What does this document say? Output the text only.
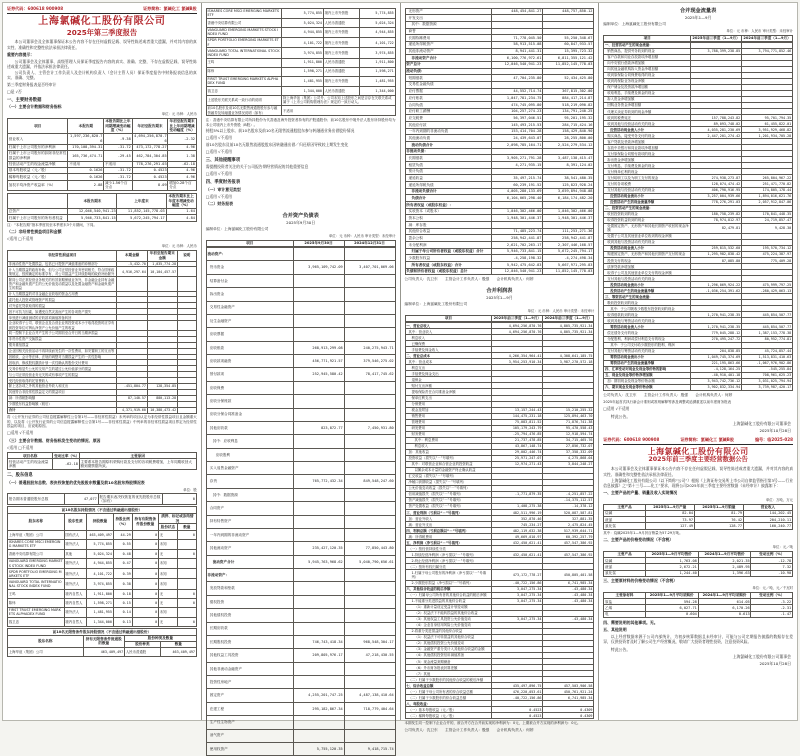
证券代码：600618 900908	证券简称：氯碱化工 氯碱B股
上海氯碱化工股份有限公司
2025年第三季度报告
本公司董事会及全体董事保证本公告内容不存在任何虚假记载、误导性陈述或者重大遗漏，并对其内容的真实性、准确性和完整性依法承担法律责任。
重要内容提示：
公司董事会及全体董事、高级管理人员保证季度报告内容的真实、准确、完整，不存在虚假记载、误导性陈述或重大遗漏，并依法承担法律责任。
公司负责人、主管会计工作负责人及会计机构负责人（会计主管人员）保证季度报告中财务报表信息的真实、准确、完整。
第三季度财务报表是否经审计
□是 √否
一、主要财务数据
（一）主要会计数据和财务指标
单位：元 币种：人民币
项目	本报告期	本报告期比上年同期增减变动幅度（%）	年初至报告期末	年初至报告期末比上年同期增减变动幅度（%）
营业收入	1,597,236,820.76	-9.38	4,694,256,870.76	-2.32
归属于上市公司股东的净利润	170,108,394.31	-31.72	473,172,778.27	4.96
归属于上市公司股东的扣除非经常性损益的净利润	165,736,474.71	-29.45	462,784,304.85	1.38
经营活动产生的现金流量净额	不适用	不适用	778,276,291.03	-62.18
基本每股收益（元／股）	0.1626	-31.72	0.4523	4.96
稀释每股收益（元／股）	0.1626	-31.72	0.4523	4.96
加权平均净资产收益率（%）	2.88	减少1.56个百分点	8.09	增加0.28个百分点
	本报告期末	上年度末	本报告期末比上年度末增减变动幅度（%）
总资产	12,046,540,941.23	11,852,145,778.03	1.64
归属于上市公司股东的所有者权益	5,946,733,841.15	5,672,245,794.17	4.84
注：“本报告期”指本季度初至本季度末3个月期间，下同。
（二）非经常性损益项目和金额
√适用 □不适用
单位：元 币种：人民币
非经常性损益项目	本期金额	年初至报告期末金额	说明
非流动性资产处置损益，包括已计提资产减值准备的冲销部分	-5,432.70	1,035,774.28	
计入当期损益的政府补助，但与公司正常经营业务密切相关、符合国家政策规定、按照确定的标准享有、对公司损益产生持续影响的政府补助除外	4,916,297.64	10,104,457.57	
除同公司正常经营业务相关的有效套期保值业务外，非金融企业持有金融资产和金融负债产生的公允价值变动损益以及处置金融资产和金融负债产生的损益			
计入当期损益的对非金融企业收取的资金占用费			
委托他人投资或管理资产的损益			
对外委托贷款取得的损益			
因不可抗力因素，如遭受自然灾害而产生的各项资产损失			
单独进行减值测试的应收款项减值准备转回			
企业取得子公司、联营企业及合营企业的投资成本小于取得投资时应享有被投资单位可辨认净资产公允价值产生的收益			
同一控制下企业合并产生的子公司期初至合并日的当期净损益			
非货币性资产交换损益			
债务重组损益			
企业因相关经营活动不再持续而发生的一次性费用，如安置职工的支出等			
因税收、会计等法律、法规的调整对当期损益产生的一次性影响			
因取消、修改股权激励计划一次性确认的股份支付费用			
交易价格显失公允的交易产生的超过公允价值部分的损益			
与公司正常经营业务无关的或有事项产生的损益			
受托经营取得的托管费收入			
除上述各项之外的其他营业外收入和支出	-451,804.77	128,354.85	
其他符合非经常性损益定义的损益项目			
减：所得税影响额	87,140.57	880,113.28	
少数股东权益影响额（税后）			
合计	4,371,919.60	10,388,473.42	
将《公开发行证券的公司信息披露解释性公告第1号——非经常性损益》未列举的项目认定为非经常性损益项目且金额重大的，以及将《公开发行证券的公司信息披露解释性公告第1号——非经常性损益》中列举的非经常性损益项目界定为经常性损益的项目，应说明原因。
□适用 √不适用
（三）主要会计数据、财务指标发生变动的情况、原因
√适用 □不适用
项目名称	变动比率（%）	主要原因
经营活动产生的现金流量净额	-62.18	主要系本报告期原料采购付款及支付的各项税费增加，上年同期收回大额到期票据所致。
二、股东信息
（一）普通股股东总数、表决权恢复的优先股股东数量及前10名股东持股情况表
单位：股
报告期末普通股股东总数	47,077	报告期末表决权恢复的优先股股东总数（如有）	0
前10名股东持股情况（不含通过转融通出借股份）						
股东名称	股东性质	持股数量	持股比例（%）	持有有限售条件股份数量	质押、标记或冻结情况	
					股份状态	数量
上海华谊（集团）公司	国有法人	463,409,497	44.29	0	无	0
ISHARES CORE MSCI EMERGING MARKETS ETF	境外法人	5,774,855	0.55	0	未知	
香港中央结算有限公司	其他	5,024,324	0.48	0	无	0
VANGUARD EMERGING MARKETS STOCK INDEX FUND	境外法人	4,944,855	0.47	0	未知	
SPDR PORTFOLIO EMERGING MARKETS ETF	境外法人	4,101,722	0.39	0	未知	
VANGUARD TOTAL INTERNATIONAL STOCK INDEX FUND	境外法人	3,974,855	0.38	0	未知	
王鸣	境内自然人	1,911,800	0.18	0	无	0
陈炜	境内自然人	1,598,271	0.15	0	无	0
FIRST TRUST EMERGING MARKETS ALPHADEX FUND	境外法人	1,481,955	0.14	0	未知	
钱卫忠	境内自然人	1,344,000	0.13	0	无	0
前10名无限售条件股东持股情况（不含通过转融通出借股份）			
股东名称	持有无限售条件流通股的数量	股份种类及数量	
		股份种类	数量
上海华谊（集团）公司	463,409,497	人民币普通股	463,409,497
ISHARES CORE MSCI EMERGING MARKETS ETF	5,774,855	境内上市外资股	5,774,855
香港中央结算有限公司	5,024,324	人民币普通股	5,024,324
VANGUARD EMERGING MARKETS STOCK INDEX FUND	4,944,855	境内上市外资股	4,944,855
SPDR PORTFOLIO EMERGING MARKETS ETF	4,101,722	境内上市外资股	4,101,722
VANGUARD TOTAL INTERNATIONAL STOCK INDEX FUND	3,974,855	境内上市外资股	3,974,855
王鸣	1,911,800	人民币普通股	1,911,800
陈炜	1,598,271	人民币普通股	1,598,271
FIRST TRUST EMERGING MARKETS ALPHADEX FUND	1,481,955	境内上市外资股	1,481,955
钱卫忠	1,344,000	人民币普通股	1,344,000
上述股东关联关系或一致行动的说明	除上海华谊（集团）公司外，公司未知上述股东之间是否存在关联关系或属于《上市公司收购管理办法》规定的一致行动人。		
前10名股东及前10名无限售流通股股东参与融资融券及转融通业务情况说明（如有）	不适用		
注：香港中央结算有限公司所持股份为代香港及海外投资者持有的沪股通股份；前10名股东中境外法人股东所持股份均为本公司境内上市外资股（B股）。
持股5%以上股东、前10名股东及前10名无限售流通股股东参与转融通业务出借股份情况
□适用 √不适用
前10名股东及前10名无限售流通股股东因转融通出借／归还原因导致较上期发生变化
□适用 √不适用
三、其他提醒事项
需提醒投资者关注的关于公司报告期经营情况的其他重要信息
□适用 √不适用
四、季度财务报表
（一）审计意见类型
□适用 √不适用
（二）财务报表
合并资产负债表
2025年9月30日
编制单位：上海氯碱化工股份有限公司
单位：元 币种：人民币 审计类型：未经审计
项目	2025年9月30日	2024年12月31日
流动资产：		
货币资金	3,965,109,742.09	3,407,701,069.06
结算备付金		
拆出资金		
交易性金融资产		
衍生金融资产		
应收票据		
应收账款	268,913,299.08	240,275,943.71
应收款项融资	456,771,921.57	379,546,275.02
预付款项	252,945,580.42	78,417,745.62
应收保费		
应收分保账款		
应收分保合同准备金		
其他应收款	823,872.77	7,450,931.80
其中：应收利息		
应收股利		
买入返售金融资产		
存货	765,772,432.34	849,548,247.60
其中：数据资源		
合同资产		
持有待售资产		
一年内到期的非流动资产		
其他流动资产	235,427,120.35	77,850,443.80
流动资产合计	5,945,763,968.62	5,040,790,656.61
非流动资产：		
发放贷款和垫款		
债权投资		
其他债权投资		
长期应收款		
长期股权投资	746,743,418.34	968,548,304.17
其他权益工具投资	209,805,976.17	47,218,430.55
其他非流动金融资产		
投资性房地产		
固定资产	4,255,201,747.25	4,487,138,410.64
在建工程	295,182,867.34	718,779,404.64
生产性生物资产		
油气资产		
使用权资产	5,755,120.35	9,418,715.74
无形资产	448,454,841.27	448,757,850.12
开发支出		
其中：数据资源		
商誉		
长期待摊费用	71,778,045.50	55,250,348.67
递延所得税资产	58,913,515.08	60,847,933.57
其他非流动资产	8,941,441.31	15,395,723.32
非流动资产合计	6,100,776,972.61	6,811,355,121.42
资产总计	12,046,540,941.23	11,852,145,778.03
流动负债：		
短期借款	47,704,235.80	52,434,425.80
交易性金融负债		
应付票据	44,552,714.74	367,815,302.00
应付账款	1,047,781,234.75	884,417,214.87
合同负债	474,745,095.80	518,219,090.82
应付职工薪酬	104,257,274.23	134,791,240.25
应交税费	56,397,046.51	95,201,195.32
其他应付款	145,493,215.53	284,715,424.16
一年内到期的非流动负债	153,414,704.28	158,429,840.90
其他流动负债	24,439,643.07	28,255,800.00
流动负债合计	2,098,785,164.71	2,524,279,534.12
非流动负债：		
长期借款	3,905,271,791.28	3,487,138,415.47
租赁负债	4,271,935.15	8,391,124.02
预计负债		
递延收益	35,497,215.74	38,541,480.35
递延所得税负债	60,239,191.52	125,823,928.24
非流动负债合计	4,005,280,133.69	3,659,894,948.08
负债合计	6,104,065,298.40	6,184,174,482.20
所有者权益（或股东权益）：		
实收资本（或股本）	1,046,302,466.00	1,046,302,466.00
资本公积	1,948,301,446.37	1,948,301,446.37
减：库存股		
其他综合收益	71,485,223.74	111,253,271.36
盈余公积	258,942,441.87	258,942,441.87
未分配利润	2,621,702,263.17	2,307,446,168.57
归属于母公司所有者权益（或股东权益）合计	5,946,733,841.15	5,672,245,794.17
少数股东权益	-4,258,198.32	-4,274,498.34
所有者权益（或股东权益）合计	5,942,475,642.83	5,667,971,295.83
负债和所有者权益（或股东权益）总计	12,046,540,941.23	11,852,145,778.03
公司负责人：沈卫东　　主管会计工作负责人：殷强　　会计机构负责人：何婷
合并利润表
2025年1—9月
编制单位：上海氯碱化工股份有限公司
单位：元 币种：人民币 审计类型：未经审计
项目	2025年前三季度（1—9月）	2024年前三季度（1—9月）
一、营业总收入	4,694,256,870.76	4,805,735,921.34
其中：营业收入	4,694,256,870.76	4,805,735,921.34
利息收入		
已赚保费		
手续费及佣金收入		
二、营业总成本	4,266,354,964.41	4,308,641,185.75
其中：营业成本	3,954,253,910.34	3,987,270,572.18
利息支出		
手续费及佣金支出		
退保金		
赔付支出净额		
提取保险责任合同准备金净额		
保单红利支出		
分保费用		
税金及附加	13,157,244.43	15,210,255.32
销售费用	144,475,231.18	125,894,463.70
管理费用	75,083,811.52	71,876,741.38
研发费用	105,179,243.79	95,470,558.43
财务费用	-25,794,476.85	12,918,594.74
其中：利息费用	21,737,478.85	34,715,465.76
利息收入	43,867,148.74	27,856,732.07
加：其他收益	29,002,446.74	37,358,332.09
投资收益（损失以“－”号填列）	25,971,247.07	4,275,868.04
其中：对联营企业和合营企业的投资收益	12,974,271.43	3,844,248.27
以摊余成本计量的金融资产终止确认收益		
汇兑收益（损失以“－”号填列）		
净敞口套期收益（损失以“－”号填列）		
公允价值变动收益（损失以“－”号填列）		
信用减值损失（损失以“－”号填列）	-1,771,879.35	-4,251,857.22
资产减值损失（损失以“－”号填列）		-14,375,112.57
资产处置收益（损失以“－”号填列）	1,408,275.38	-14,378.12
三、营业利润（亏损以“－”号填列）	482,511,996.19	520,087,587.81
加：营业外收入	352,870.46	327,881.35
减：营业外支出	745,234.27	2,475,824.45
四、利润总额（亏损总额以“－”号填列）	482,119,632.38	517,939,644.71
减：所得税费用	49,669,010.97	60,392,257.79
五、净利润（净亏损以“－”号填列）	432,450,621.41	457,547,386.92
（一）按经营持续性分类		
1.持续经营净利润（净亏损以“－”号填列）	432,450,621.41	457,547,386.92
2.终止经营净利润（净亏损以“－”号填列）		
（二）按所有权归属分类		
1.归属于母公司股东的净利润（净亏损以“－”号填列）	473,172,778.27	450,805,401.58
2.少数股东损益（净亏损以“－”号填列）	-40,722,156.86	6,741,985.34
六、其他综合收益的税后净额	3,047,275.34	-43,480.34
（一）归属母公司所有者的其他综合收益的税后净额	3,047,275.34	-43,480.34
1.不能重分类进损益的其他综合收益	3,047,275.34	-43,480.34
（1）重新计量设定受益计划变动额		
（2）权益法下不能转损益的其他综合收益		
（3）其他权益工具投资公允价值变动	3,047,275.34	-43,480.34
（4）企业自身信用风险公允价值变动		
2.将重分类进损益的其他综合收益		
（1）权益法下可转损益的其他综合收益		
（2）其他债权投资公允价值变动		
（3）金融资产重分类计入其他综合收益的金额		
（4）其他债权投资信用减值准备		
（5）现金流量套期储备		
（6）外币财务报表折算差额		
（7）其他		
（二）归属于少数股东的其他综合收益的税后净额		
七、综合收益总额	435,497,896.75	457,503,906.58
（一）归属于母公司所有者的综合收益总额	476,220,053.61	450,761,921.24
（二）归属于少数股东的综合收益总额	-40,722,156.86	6,741,985.34
八、每股收益：		
（一）基本每股收益（元／股）	0.4523	0.4309
（二）稀释每股收益（元／股）	0.4523	0.4309
本期发生同一控制下企业合并的，被合并方在合并前实现的净利润为：0元，上期被合并方实现的净利润为：0元。
公司负责人：沈卫东　　主管会计工作负责人：殷强　　会计机构负责人：何婷
合并现金流量表
2025年1—9月
编制单位：上海氯碱化工股份有限公司
单位：元 币种：人民币 审计类型：未经审计
项目	2025年前三季度（1—9月）	2024年前三季度（1—9月）
一、经营活动产生的现金流量：		
销售商品、提供劳务收到的现金	3,788,399,238.85	3,794,771,852.46
客户存款和同业存放款项净增加额		
向中央银行借款净增加额		
向其他金融机构拆入资金净增加额		
收到原保险合同保费取得的现金		
收到再保险业务现金净额		
保户储金及投资款净增加额		
收取利息、手续费及佣金的现金		
拆入资金净增加额		
回购业务资金净增加额		
代理买卖证券收到的现金净额		
收到的税费返还	157,788,243.82	95,701,794.35
收到其他与经营活动有关的现金	89,093,748.02	61,455,822.01
经营活动现金流入小计	4,035,281,230.69	3,951,929,468.82
购买商品、接受劳务支付的现金	2,447,201,274.42	1,201,934,705.28
客户贷款及垫款净增加额		
存放中央银行和同业款项净增加额		
支付原保险合同赔付款项的现金		
拆出资金净增加额		
支付利息、手续费及佣金的现金		
支付保单红利的现金		
支付给职工以及为职工支付的现金	274,938,273.87	265,804,967.22
支付的各项税费	128,074,474.42	251,471,770.82
支付其他与经营活动有关的现金	406,790,916.95	174,805,178.44
经营活动现金流出小计	3,257,004,939.66	1,894,016,621.76
经营活动产生的现金流量净额	778,276,291.03	2,057,912,847.06
二、投资活动产生的现金流量：		
收回投资收到的现金	180,758,239.82	170,841,448.35
取得投资收益收到的现金	78,974,812.97	24,719,857.47
处置固定资产、无形资产和其他长期资产收回的现金净额	82,479.81	9,428.30
处置子公司及其他营业单位收到的现金净额		
收到其他与投资活动有关的现金		
投资活动现金流入小计	259,815,532.60	195,570,734.12
购建固定资产、无形资产和其他长期资产支付的现金	1,295,982,838.42	475,224,387.97
投资支付的现金	87,085.80	775,409.28
质押贷款净增加额		
取得子公司及其他营业单位支付的现金净额		
支付其他与投资活动有关的现金		
投资活动现金流出小计	1,296,069,924.22	475,999,797.25
投资活动产生的现金流量净额	-1,036,254,391.62	-280,429,063.13
三、筹资活动产生的现金流量：		
吸收投资收到的现金		
其中：子公司吸收少数股东投资收到的现金		
取得借款收到的现金	1,270,941,238.35	445,854,507.77
收到其他与筹资活动有关的现金		
筹资活动现金流入小计	1,270,941,238.35	445,854,507.77
偿还债务支付的现金	779,045,288.12	1,387,153,778.38
分配股利、利润或偿付利息支付的现金	270,495,247.72	80,952,774.81
其中：子公司支付给少数股东的股利、利润		
支付其他与筹资活动有关的现金	204,838.85	45,724,857.44
筹资活动现金流出小计	1,049,745,374.69	1,513,831,410.63
筹资活动产生的现金流量净额	221,195,863.66	-1,067,976,902.86
四、汇率变动对现金及现金等价物的影响	-4,128,164.25	-545,255.84
五、现金及现金等价物净增加额	-40,910,401.18	708,961,625.23
加：期初现金及现金等价物余额	3,943,742,736.12	3,031,025,794.94
六、期末现金及现金等价物余额	3,902,832,334.94	3,739,987,420.17
公司负责人：沈卫东　　主管会计工作负责人：殷强　　会计机构负责人：何婷
2025年起首次执行新会计准则或准则解释等涉及调整或追溯重述以前年度财务报表
□适用 √不适用
特此公告。
上海氯碱化工股份有限公司董事会
2025年10月28日
证券代码：600618 900908	证券简称：氯碱化工 氯碱B股	编号：临2025-028
上海氯碱化工股份有限公司
2025年前三季度主要经营数据公告
本公司董事会及全体董事保证本公告内容不存在任何虚假记载、误导性陈述或者重大遗漏，并对其内容的真实性、准确性和完整性依法承担法律责任。
上海氯碱化工股份有限公司（以下简称“公司”）根据《上海证券交易所上市公司自律监管指引第3号——行业信息披露》之“第十三号——化工”要求，现将公司2025年前三季度主要经营数据（未经审计）披露如下：
一、主要产品的产量、销量及收入实现情况
单位：万吨、万元
主要产品	2025年1—9月产量	2025年1—9月销量	营业收入
烧碱	82.04	81.79	144,202.45
液氯	73.97	76.42	204,210.11
氯化氢	127.49	128.77	160,240.77
其中：烧碱2025年1—9月折百销量为57.29万吨。
二、主要产品的价格变动情况（不含税）
单位：元／吨
主要产品	2025年1—9月平均售价	2024年1—9月平均售价	变动比例（%）
烧碱	1,763.08	2,021.35	-12.78
液氯	2,672.21	2,489.95	7.32
氯化氢	1,244.40	1,396.63	-10.90
三、主要原材料的价格变动情况（不含税）
单位：元／吨、元／千瓦时
主要原材料	2025年1—9月平均采购价	2024年1—9月平均采购价	变动比例（%）
原盐	594.28	614.05	-3.22
乙烯	6,027.71	6,170.26	-2.31
电	0.604	0.613	-1.47
四、需要说明的其他事项。无。
五、其他说明
以上经营数据来源于公司内部统计，为初步核算数据且未经审计，可能与公司定期报告披露的数据存在差异，仅供投资者及时了解公司生产经营概况，敬请广大投资者理性投资，注意投资风险。
特此公告。
上海氯碱化工股份有限公司董事会
2025年10月28日
